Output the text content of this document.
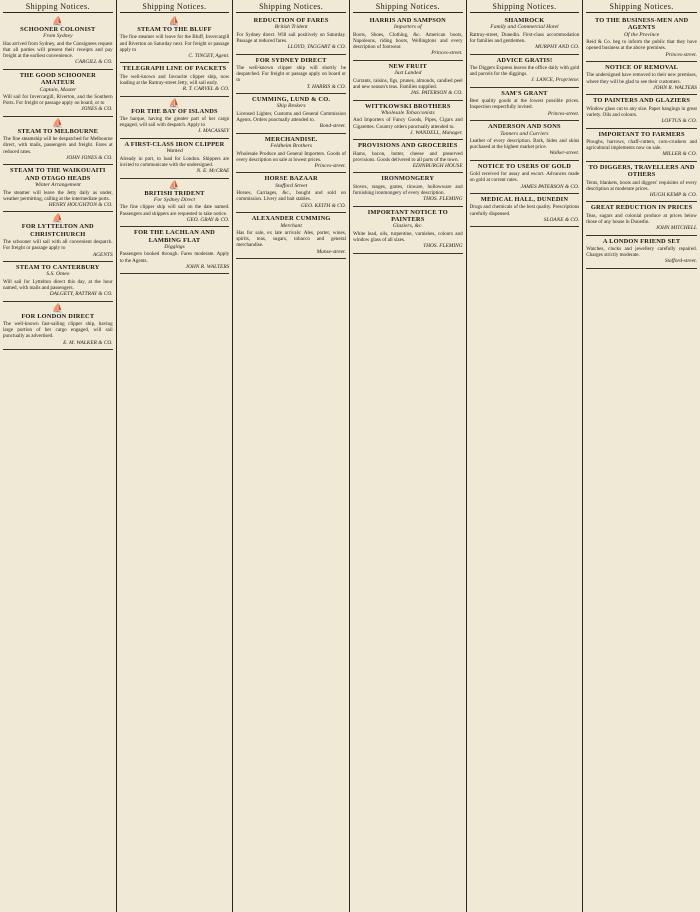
Shipping Notices.
⛵
SCHOONER COLONIST
From Sydney
Has arrived from Sydney, and the Consignees request that all parties will present their receipts and pay freight at the earliest convenience.
CARGILL & CO.
THE GOOD SCHOONER AMATEUR
Captain, Master
Will sail for Invercargill, Riverton, and the Southern Ports. For freight or passage apply on board, or to
JONES & CO.
⛵
STEAM TO MELBOURNE
The fine steamship will be despatched for Melbourne direct, with mails, passengers and freight. Fares at reduced rates.
JOHN JONES & CO.
STEAM TO THE WAIKOUAITI AND OTAGO HEADS
Winter Arrangement
The steamer will leave the Jetty daily as under, weather permitting, calling at the intermediate ports.
HENRY HOUGHTON & CO.
⛵
FOR LYTTELTON AND CHRISTCHURCH
The schooner will sail with all convenient despatch. For freight or passage apply to
AGENTS
STEAM TO CANTERBURY
S.S. Omeo
Will sail for Lyttelton direct this day, at the hour named, with mails and passengers.
DALGETY, RATTRAY & CO.
⛵
FOR LONDON DIRECT
The well-known fast-sailing clipper ship, having large portion of her cargo engaged, will sail punctually as advertised.
E. M. WALKER & CO.
Shipping Notices.
⛵
STEAM TO THE BLUFF
The fine steamer will leave for the Bluff, Invercargill and Riverton on Saturday next. For freight or passage apply to
C. TINGEY, Agent.
TELEGRAPH LINE OF PACKETS
The well-known and favourite clipper ship, now loading at the Rattray-street Jetty, will sail early.
R. T. CARVEL & CO.
⛵
FOR THE BAY OF ISLANDS
The barque, having the greater part of her cargo engaged, will sail with despatch. Apply to
J. MACASSEY
A FIRST-CLASS IRON CLIPPER
Wanted
Already in port, to load for London. Shippers are invited to communicate with the undersigned.
N. E. McCRAE
⛵
BRITISH TRIDENT
For Sydney Direct
The fine clipper ship will sail on the date named. Passengers and shippers are requested to take notice.
GEO. GRAY & CO.
FOR THE LACHLAN AND LAMBING FLAT
Diggings
Passengers booked through. Fares moderate. Apply to the Agents.
JOHN R. WALTERS
Shipping Notices.
REDUCTION OF FARES
British Trident
For Sydney direct. Will sail positively on Saturday. Passage at reduced fares.
LLOYD, TAGGART & CO.
FOR SYDNEY DIRECT
The well-known clipper ship will shortly be despatched. For freight or passage apply on board or to
T. HARRIS & CO.
CUMMING, LUND & CO.
Ship Brokers
Licensed Lighter, Customs and General Commission Agents. Orders punctually attended to.
Bond-street.
MERCHANDISE.
Feldheim Brothers
Wholesale Produce and General Importers. Goods of every description on sale at lowest prices.
Princes-street.
HORSE BAZAAR
Stafford Street
Horses, Carriages, &c., bought and sold on commission. Livery and bait stables.
GEO. KEITH & CO.
ALEXANDER CUMMING
Merchant
Has for sale, ex late arrivals: Ales, porter, wines, spirits, teas, sugars, tobacco and general merchandise.
Manse-street.
Shipping Notices.
HARRIS AND SAMPSON
Importers of
Boots, Shoes, Clothing, &c. American boots, Napoleons, riding boots, Wellingtons and every description of footwear.
Princes-street.
NEW FRUIT
Just Landed
Currants, raisins, figs, prunes, almonds, candied peel and new season's teas. Families supplied.
JAS. PATERSON & CO.
WITTKOWSKI BROTHERS
Wholesale Tobacconists
And Importers of Fancy Goods, Pipes, Cigars and Cigarettes. Country orders punctually attended to.
J. WANDELL, Manager.
PROVISIONS AND GROCERIES
Hams, bacon, butter, cheese and preserved provisions. Goods delivered to all parts of the town.
EDINBURGH HOUSE
IRONMONGERY
Stoves, ranges, grates, tinware, hollowware and furnishing ironmongery of every description.
THOS. FLEMING
IMPORTANT NOTICE TO PAINTERS
Glaziers, &c.
White lead, oils, turpentine, varnishes, colours and window glass of all sizes.
THOS. FLEMING
Shipping Notices.
SHAMROCK
Family and Commercial Hotel
Rattray-street, Dunedin. First-class accommodation for families and gentlemen.
MURPHY AND CO.
ADVICE GRATIS!
The Diggers Express leaves the office daily with gold and parcels for the diggings.
J. LANCE, Proprietor.
SAM'S GRANT
Best quality goods at the lowest possible prices. Inspection respectfully invited.
Princes-street.
ANDERSON AND SONS
Tanners and Curriers
Leather of every description. Bark, hides and skins purchased at the highest market price.
Walker-street.
NOTICE TO USERS OF GOLD
Gold received for assay and escort. Advances made on gold at current rates.
JAMES PATERSON & CO.
MEDICAL HALL, DUNEDIN
Drugs and chemicals of the best quality. Prescriptions carefully dispensed.
SLOANE & CO.
Shipping Notices.
TO THE BUSINESS-MEN AND AGENTS
Of the Province
Reid & Co. beg to inform the public that they have opened business at the above premises.
Princes-street.
NOTICE OF REMOVAL
The undersigned have removed to their new premises, where they will be glad to see their customers.
JOHN R. WALTERS
TO PAINTERS AND GLAZIERS
Window glass cut to any size. Paper hangings in great variety. Oils and colours.
LOFTUS & CO.
IMPORTANT TO FARMERS
Ploughs, harrows, chaff-cutters, corn-crushers and agricultural implements now on sale.
MILLER & CO.
TO DIGGERS, TRAVELLERS AND OTHERS
Tents, blankets, boots and diggers' requisites of every description at moderate prices.
HUGH KEMP & CO.
GREAT REDUCTION IN PRICES
Teas, sugars and colonial produce at prices below those of any house in Dunedin.
JOHN MITCHELL
A LONDON FRIEND SET
Watches, clocks and jewellery carefully repaired. Charges strictly moderate.
Stafford-street.
